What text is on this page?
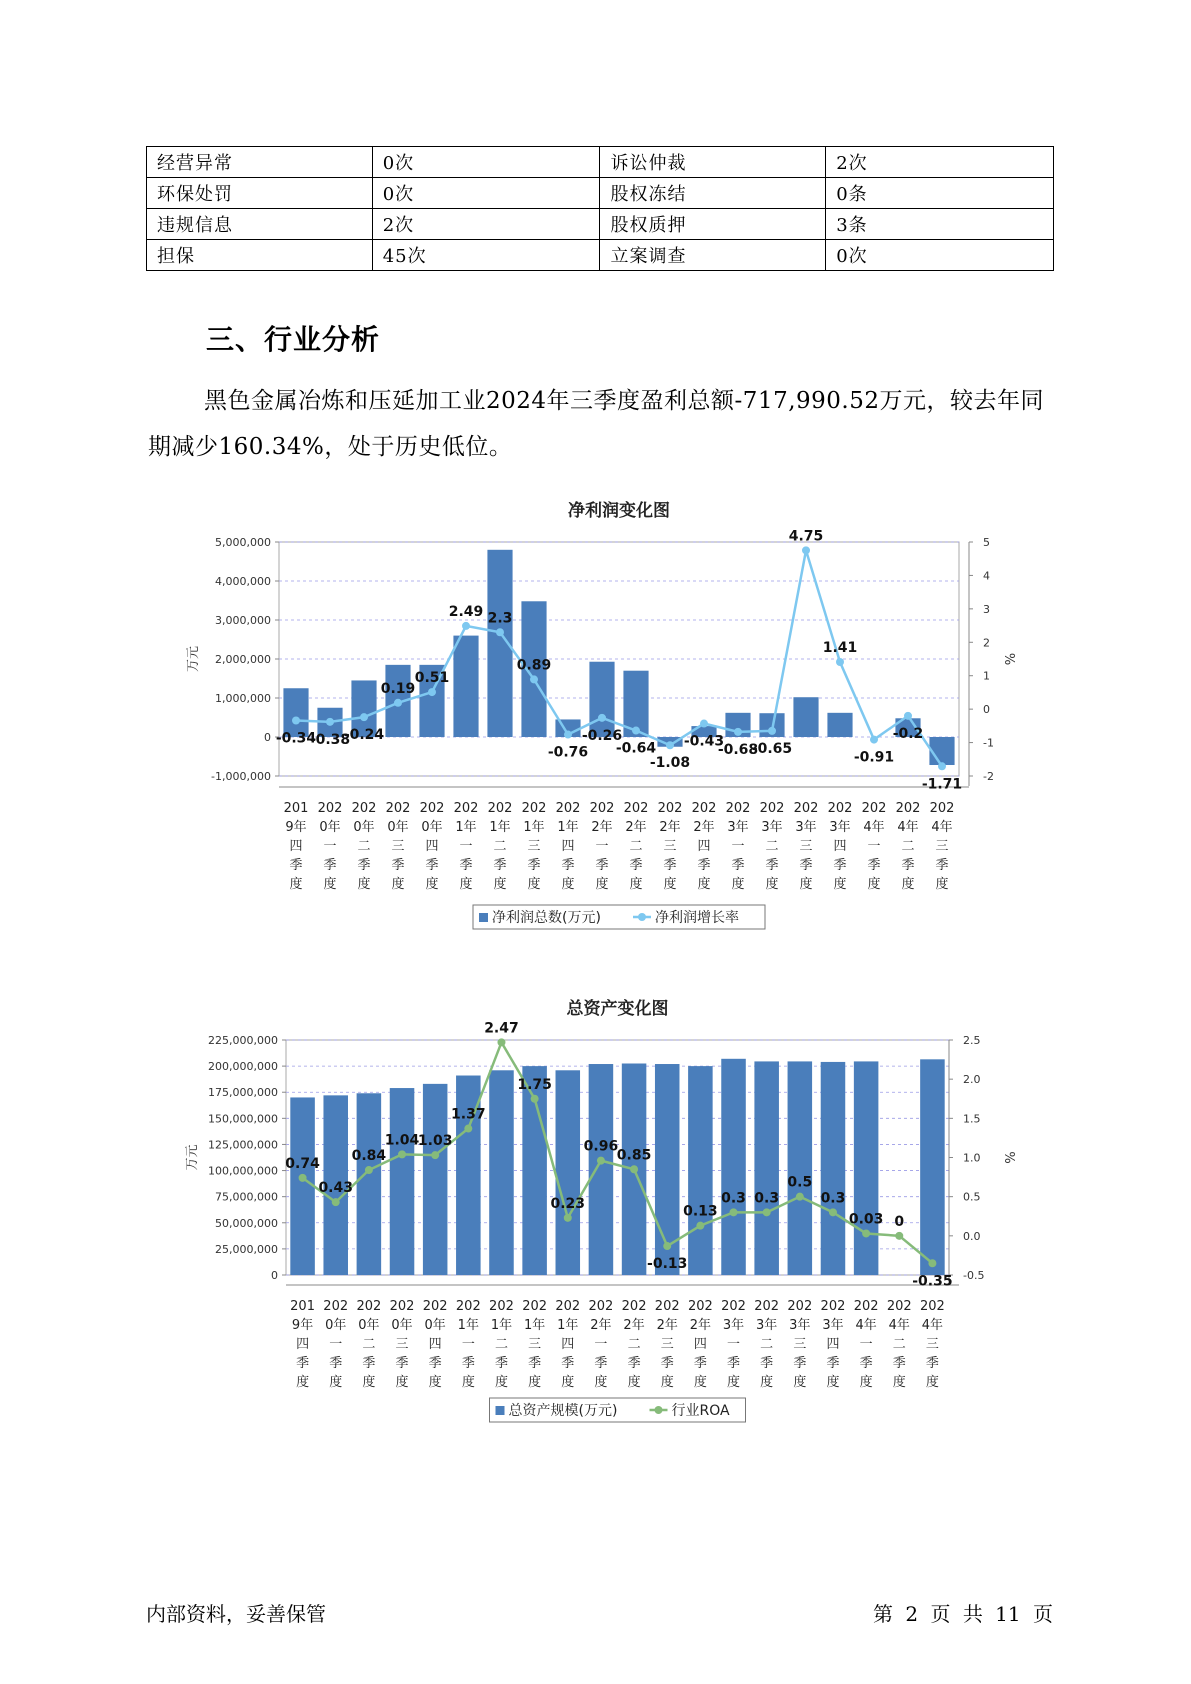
经营异常	0次	诉讼仲裁	2次
环保处罚	0次	股权冻结	0条
违规信息	2次	股权质押	3条
担保	45次	立案调查	0次
三、行业分析

黑色金属冶炼和压延加工业2024年三季度盈利总额-717,990.52万元，较去年同期减少160.34%，处于历史低位。

净利润变化图
5,000,000
4,000,000
3,000,000
2,000,000
1,000,000
0
-1,000,000
5
4
3
2
1
0
-1
-2
万元	%
-0.34
-0.38
-0.24
0.19
0.51
2.49 2.3
0.89
-0.76
-0.26
-0.64
-1.08
-0.43
-0.68
-0.65
4.75
1.41
-0.91
-0.2
-1.71
201
9年
四
季
度
202
0年
一
季
度
202
0年
二
季
度
202
0年
三
季
度
202
0年
四
季
度
202
1年
一
季
度
202
1年
二
季
度
202
1年
三
季
度
202
1年
四
季
度
202
2年
一
季
度
202
2年
二
季
度
202
2年
三
季
度
202
2年
四
季
度
202
3年
一
季
度
202
3年
二
季
度
202
3年
三
季
度
202
3年
四
季
度
202
4年
一
季
度
202
4年
二
季
度
202
4年
三
季
度
净利润总数(万元)	净利润增长率
总资产变化图
225,000,000
200,000,000
175,000,000
150,000,000
125,000,000
100,000,000
75,000,000
50,000,000
25,000,000
0
2.5
2.0
1.5
1.0
0.5
0.0
-0.5
万元	%
0.74
0.43
0.84
1.04
1.03
1.37
2.47
1.75
0.23
0.96
0.85
-0.13
0.13
0.3 0.3
0.5
0.3
0.03 0
-0.35
201
9年
四
季
度
202
0年
一
季
度
202
0年
二
季
度
202
0年
三
季
度
202
0年
四
季
度
202
1年
一
季
度
202
1年
二
季
度
202
1年
三
季
度
202
1年
四
季
度
202
2年
一
季
度
202
2年
二
季
度
202
2年
三
季
度
202
2年
四
季
度
202
3年
一
季
度
202
3年
二
季
度
202
3年
三
季
度
202
3年
四
季
度
202
4年
一
季
度
202
4年
二
季
度
202
4年
三
季
度
总资产规模(万元)	行业ROA
内部资料，妥善保管	第 2 页 共 11 页
